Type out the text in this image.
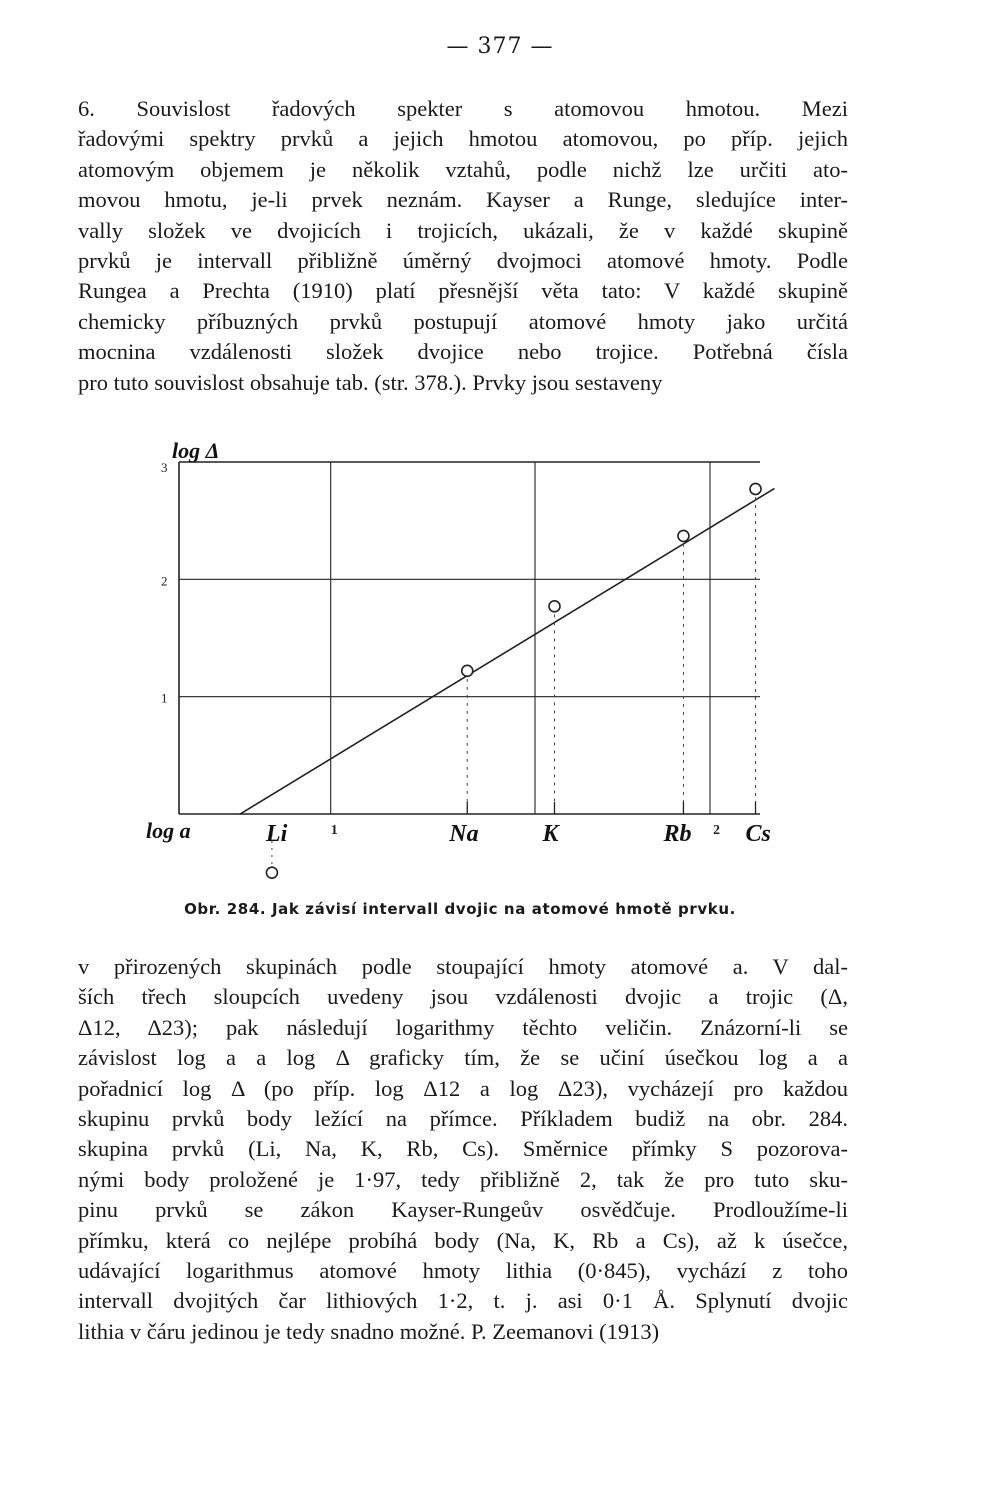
— 377 —

6. Souvislost řadových spekter s atomovou hmotou. Mezi
řadovými spektry prvků a jejich hmotou atomovou, po příp. jejich
atomovým objemem je několik vztahů, podle nichž lze určiti ato-
movou hmotu, je-li prvek neznám. Kayser a Runge, sledujíce inter-
vally složek ve dvojicích i trojicích, ukázali, že v každé skupině
prvků je intervall přibližně úměrný dvojmoci atomové hmoty. Podle
Rungea a Prechta (1910) platí přesnější věta tato: V každé skupině
chemicky příbuzných prvků postupují atomové hmoty jako určitá
mocnina vzdálenosti složek dvojice nebo trojice. Potřebná čísla
pro tuto souvislost obsahuje tab. (str. 378.). Prvky jsou sestaveny

1
2
3
1	2
Li	Na	K	Rb Cs
log Δ
log a
Obr. 284. Jak závisí intervall dvojic na atomové hmotě prvku.

v přirozených skupinách podle stoupající hmoty atomové a. V dal-
ších třech sloupcích uvedeny jsou vzdálenosti dvojic a trojic (Δ,
Δ12, Δ23); pak následují logarithmy těchto veličin. Znázorní-li se
závislost log a a log Δ graficky tím, že se učiní úsečkou log a a
pořadnicí log Δ (po příp. log Δ12 a log Δ23), vycházejí pro každou
skupinu prvků body ležící na přímce. Příkladem budiž na obr. 284.
skupina prvků (Li, Na, K, Rb, Cs). Směrnice přímky S pozorova-
nými body proložené je 1·97, tedy přibližně 2, tak že pro tuto sku-
pinu prvků se zákon Kayser-Rungeův osvědčuje. Prodloužíme-li
přímku, která co nejlépe probíhá body (Na, K, Rb a Cs), až k úsečce,
udávající logarithmus atomové hmoty lithia (0·845), vychází z toho
intervall dvojitých čar lithiových 1·2, t. j. asi 0·1 Å. Splynutí dvojic
lithia v čáru jedinou je tedy snadno možné. P. Zeemanovi (1913)
